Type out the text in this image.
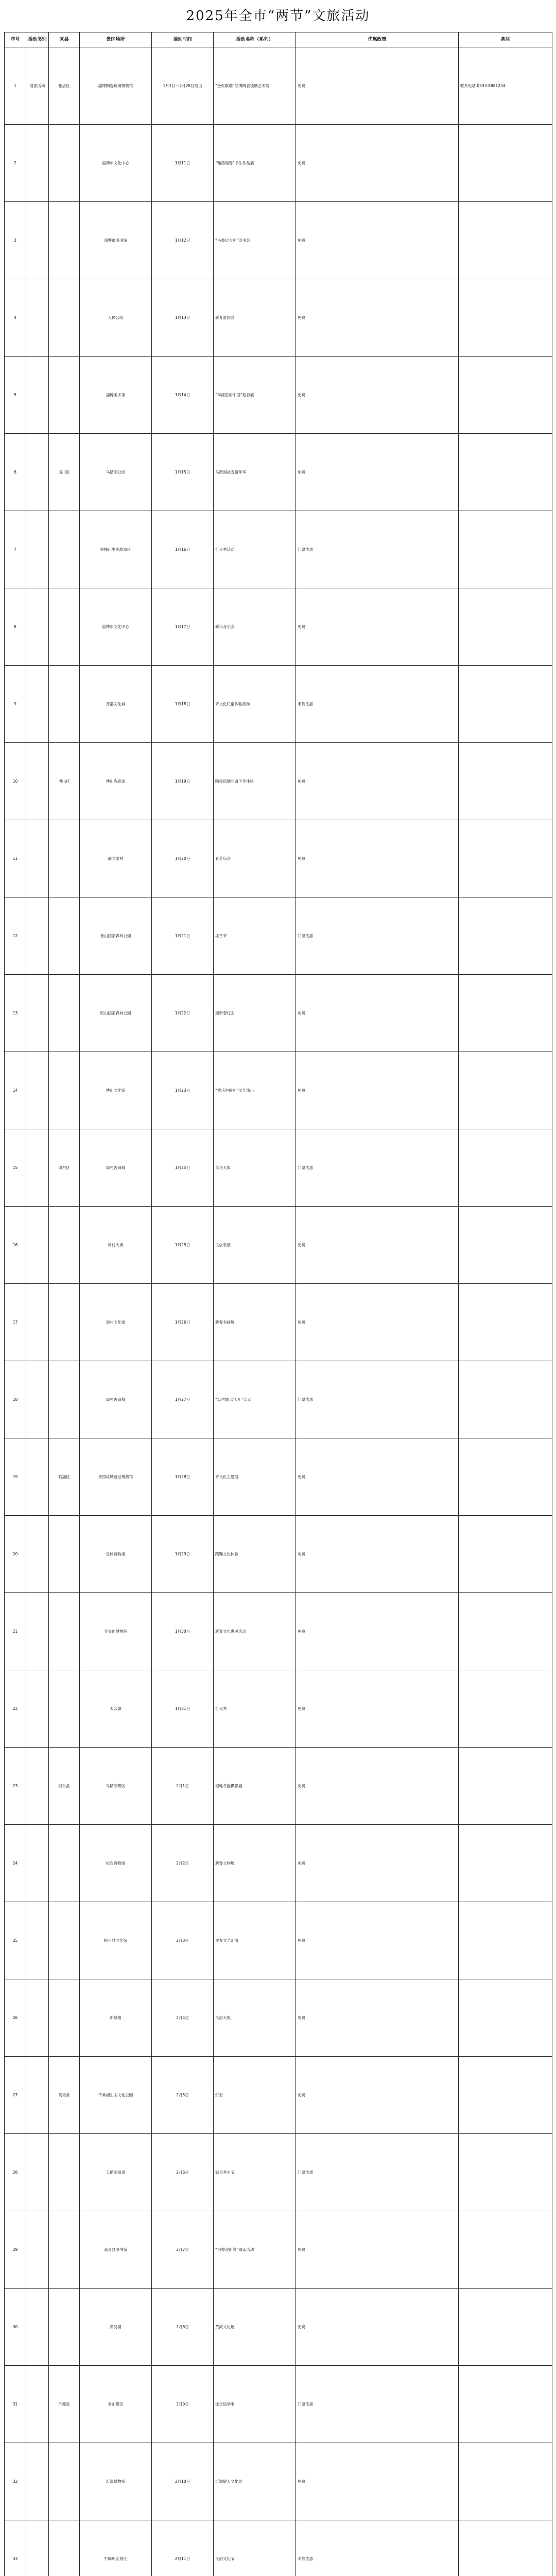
2025年全市“两节”文旅活动
序号	活动类别	区县	景区场所	活动时间	活动名称（系列）	优惠政策	备注
1	展演活动	张店区	淄博陶瓷琉璃博物馆	1月1日—2月28日展出	“金蛇献瑞”淄博陶瓷琉璃艺术展	免费	联系电话 0533-8881234
2			淄博市文化中心	1月11日	“翰墨迎春”书法作品展	免费	
3			淄博市图书馆	1月12日	“书香过大年”读书会	免费	
4			人民公园	1月13日	新春游园会	免费	
5			淄博美术馆	1月14日	“年画里的中国”迎春展	免费	
6		淄川区	马踏湖公园	1月15日	马踏湖冰雪嘉年华	免费	
7			梓橦山生态旅游区	1月16日	灯光秀活动	门票优惠	
8			淄博市文化中心	1月17日	新年音乐会	免费	
9			齐都文化城	1月18日	齐文化民俗体验活动	半价优惠	
10		博山区	博山陶瓷馆	1月19日	陶瓷琉璃非遗手作体验	免费	
11			颜文姜祠	1月20日	春节庙会	免费	
12			鲁山国家森林公园	1月21日	冰雪节	门票优惠	
13			原山国家森林公园	1月22日	迎新春灯会	免费	
14			博山文化馆	1月23日	“欢乐中国年”文艺演出	免费	
15		周村区	周村古商城	1月24日	年货大集	门票优惠	
16			周村大街	1月25日	民俗表演	免费	
17			周村文化馆	1月26日	新春书画展	免费	
18			周村古商城	1月27日	“逛古城 过大年”活动	门票优惠	
19		临淄区	齐国故城遗址博物馆	1月28日	齐文化主题展	免费	
20			足球博物馆	1月29日	蹴鞠文化体验	免费	
21			齐文化博物院	1月30日	新春文化惠民活动	免费	
22			太公湖	1月31日	灯光秀	免费	
23		桓台县	马踏湖景区	2月1日	湿地冬韵摄影展	免费	
24			桓台博物馆	2月2日	新春文物展	免费	
25			桓台县文化馆	2月3日	迎春文艺汇演	免费	
26			新城镇	2月4日	民俗大集	免费	
27		高青县	千乘湖生态文化公园	2月5日	灯会	免费	
28			天鹅湖温泉	2月6日	温泉养生节	门票优惠	
29			高青县图书馆	2月7日	“书香迎新春”阅读活动	免费	
30			黄河楼	2月8日	黄河文化展	免费	
31		沂源县	鲁山景区	2月9日	冰雪运动季	门票优惠	
32			沂源博物馆	2月10日	沂源猿人文化展	免费	
33			牛郎织女景区	2月11日	民俗文化节	半价优惠	
